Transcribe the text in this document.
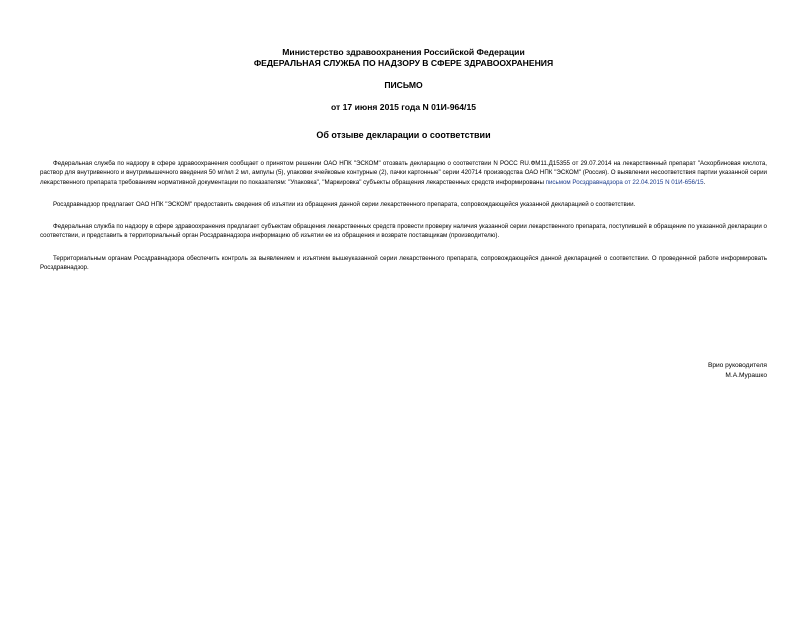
Министерство здравоохранения Российской Федерации
ФЕДЕРАЛЬНАЯ СЛУЖБА ПО НАДЗОРУ В СФЕРЕ ЗДРАВООХРАНЕНИЯ
ПИСЬМО
от 17 июня 2015 года N 01И-964/15
Об отзыве декларации о соответствии

Федеральная служба по надзору в сфере здравоохранения сообщает о принятом решении ОАО НПК "ЭСКОМ" отозвать декларацию о соответствии N РОСС RU.ФМ11.Д15355 от 29.07.2014 на лекарственный препарат "Аскорбиновая кислота, раствор для внутривенного и внутримышечного введения 50 мг/мл 2 мл, ампулы (5), упаковки ячейковые контурные (2), пачки картонные" серии 420714 производства ОАО НПК "ЭСКОМ" (Россия). О выявлении несоответствия партии указанной серии лекарственного препарата требованиям нормативной документации по показателям: "Упаковка", "Маркировка" субъекты обращения лекарственных средств информированы письмом Росздравнадзора от 22.04.2015 N 01И-656/15.

Росздравнадзор предлагает ОАО НПК "ЭСКОМ" предоставить сведения об изъятии из обращения данной серии лекарственного препарата, сопровождающейся указанной декларацией о соответствии.

Федеральная служба по надзору в сфере здравоохранения предлагает субъектам обращения лекарственных средств провести проверку наличия указанной серии лекарственного препарата, поступившей в обращение по указанной декларации о соответствии, и представить в территориальный орган Росздравнадзора информацию об изъятии ее из обращения и возврате поставщикам (производителю).

Территориальным органам Росздравнадзора обеспечить контроль за выявлением и изъятием вышеуказанной серии лекарственного препарата, сопровождающейся данной декларацией о соответствии. О проведенной работе информировать Росздравнадзор.

Врио руководителя
М.А.Мурашко
